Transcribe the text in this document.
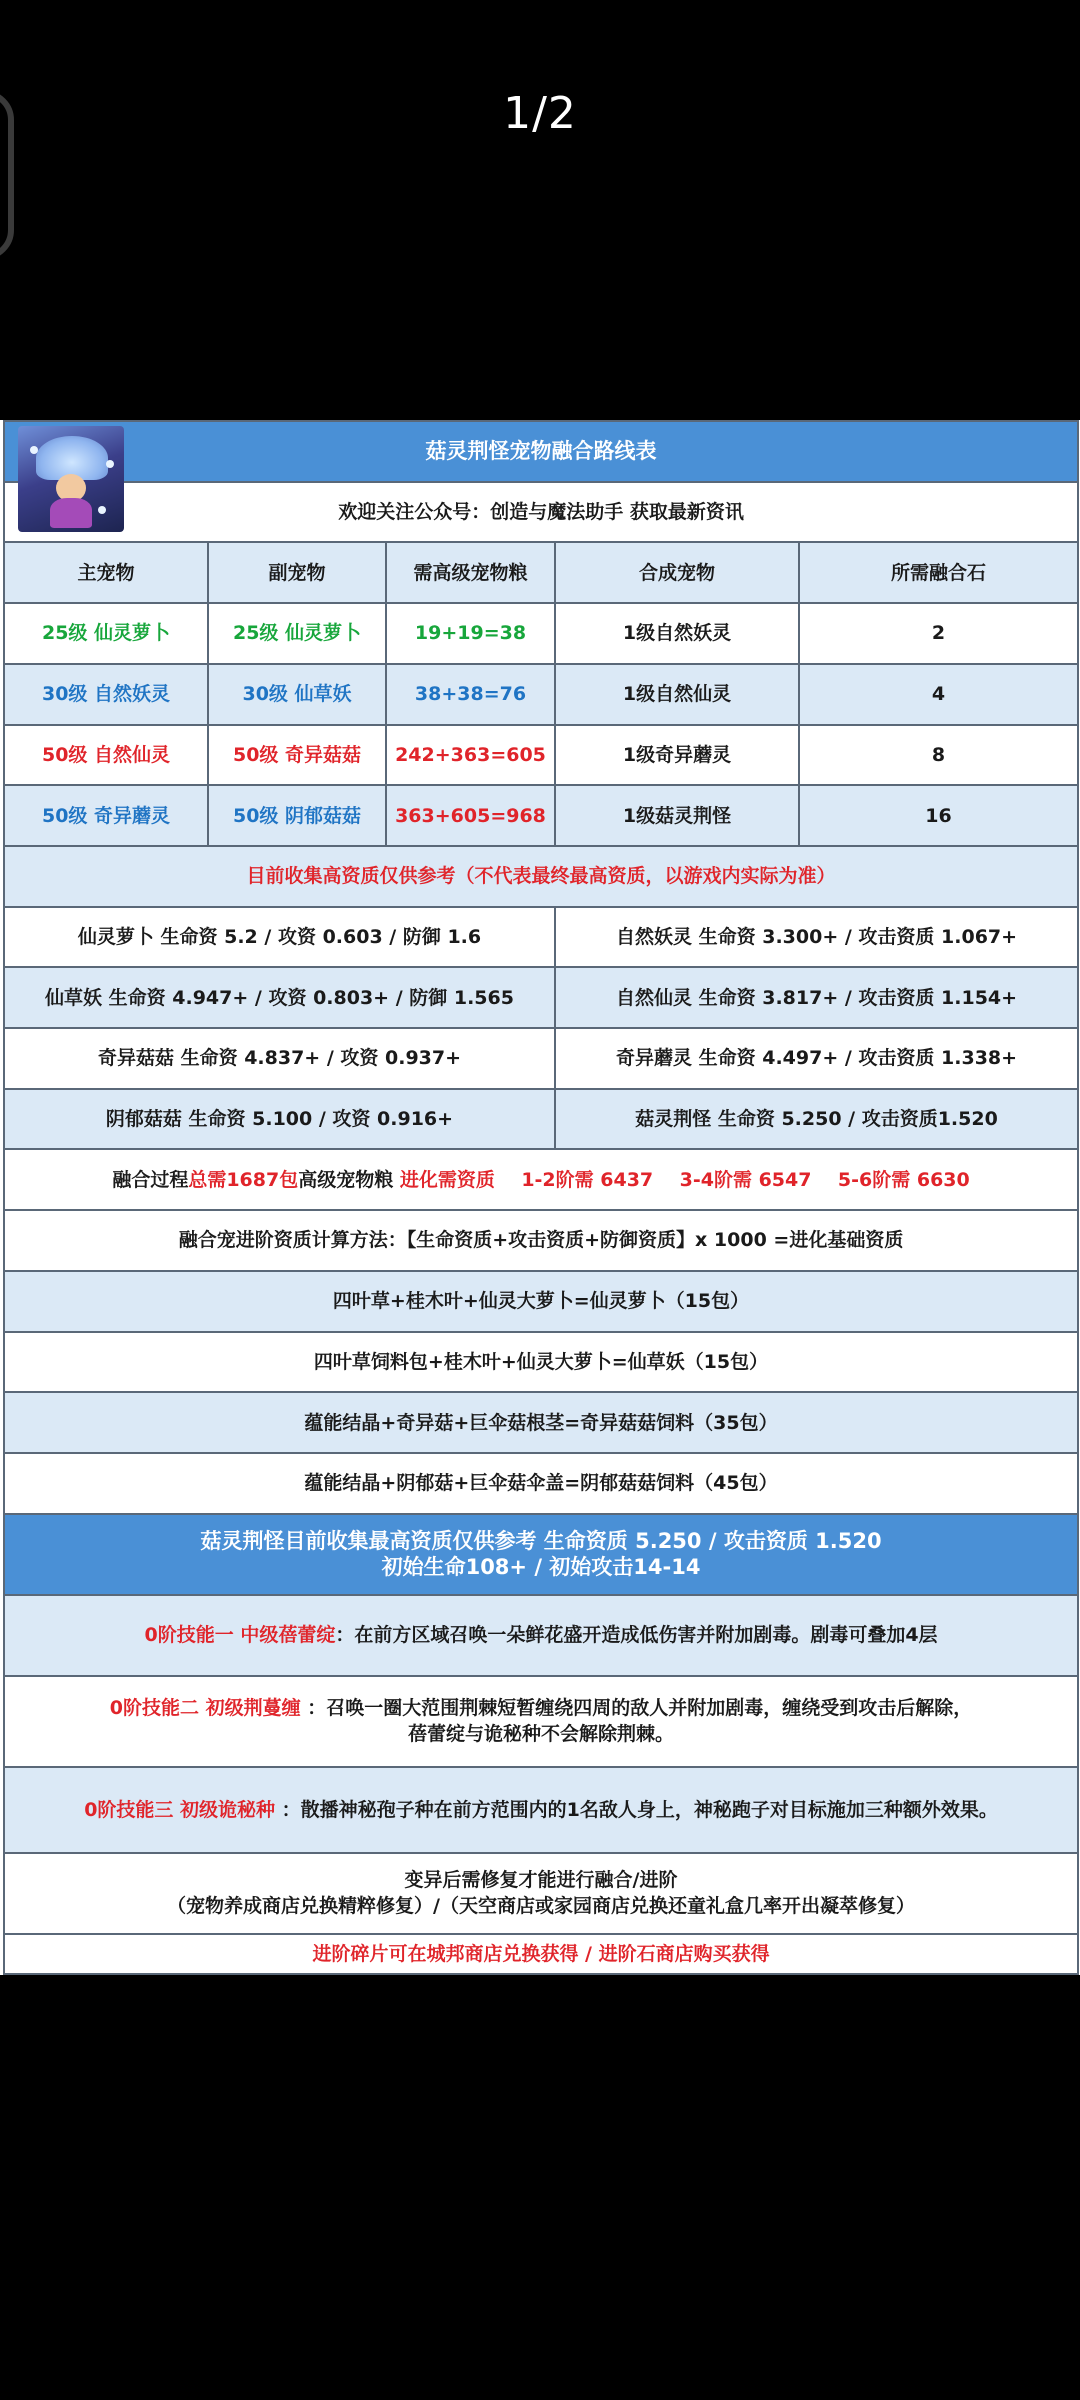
1/2
菇灵荆怪宠物融合路线表				
欢迎关注公众号：创造与魔法助手 获取最新资讯				
主宠物	副宠物	需高级宠物粮	合成宠物	所需融合石
25级 仙灵萝卜	25级 仙灵萝卜	19+19=38	1级自然妖灵	2
30级 自然妖灵	30级 仙草妖	38+38=76	1级自然仙灵	4
50级 自然仙灵	50级 奇异菇菇	242+363=605	1级奇异蘑灵	8
50级 奇异蘑灵	50级 阴郁菇菇	363+605=968	1级菇灵荆怪	16
目前收集高资质仅供参考（不代表最终最高资质，以游戏内实际为准）				
仙灵萝卜 生命资 5.2 / 攻资 0.603 / 防御 1.6			自然妖灵 生命资 3.300+ / 攻击资质 1.067+	
仙草妖 生命资 4.947+ / 攻资 0.803+ / 防御 1.565			自然仙灵 生命资 3.817+ / 攻击资质 1.154+	
奇异菇菇 生命资 4.837+ / 攻资 0.937+			奇异蘑灵 生命资 4.497+ / 攻击资质 1.338+	
阴郁菇菇 生命资 5.100 / 攻资 0.916+			菇灵荆怪 生命资 5.250 / 攻击资质1.520	
融合过程总需1687包高级宠物粮 进化需资质 1-2阶需 6437 3-4阶需 6547 5-6阶需 6630				
融合宠进阶资质计算方法：【生命资质+攻击资质+防御资质】x 1000 =进化基础资质				
四叶草+桂木叶+仙灵大萝卜=仙灵萝卜（15包）				
四叶草饲料包+桂木叶+仙灵大萝卜=仙草妖（15包）				
蕴能结晶+奇异菇+巨伞菇根茎=奇异菇菇饲料（35包）				
蕴能结晶+阴郁菇+巨伞菇伞盖=阴郁菇菇饲料（45包）				

菇灵荆怪目前收集最高资质仅供参考 生命资质 5.250 / 攻击资质 1.520
初始生命108+ / 初始攻击14-14				

0阶技能一 中级蓓蕾绽：在前方区域召唤一朵鲜花盛开造成低伤害并附加剧毒。剧毒可叠加4层				

0阶技能二 初级荆蔓缠 ：召唤一圈大范围荆棘短暂缠绕四周的敌人并附加剧毒，缠绕受到攻击后解除，
蓓蕾绽与诡秘种不会解除荆棘。				

0阶技能三 初级诡秘种 ：散播神秘孢子种在前方范围内的1名敌人身上，神秘跑子对目标施加三种额外效果。				

变异后需修复才能进行融合/进阶
（宠物养成商店兑换精粹修复）/（天空商店或家园商店兑换还童礼盒几率开出凝萃修复）				

进阶碎片可在城邦商店兑换获得 / 进阶石商店购买获得				
